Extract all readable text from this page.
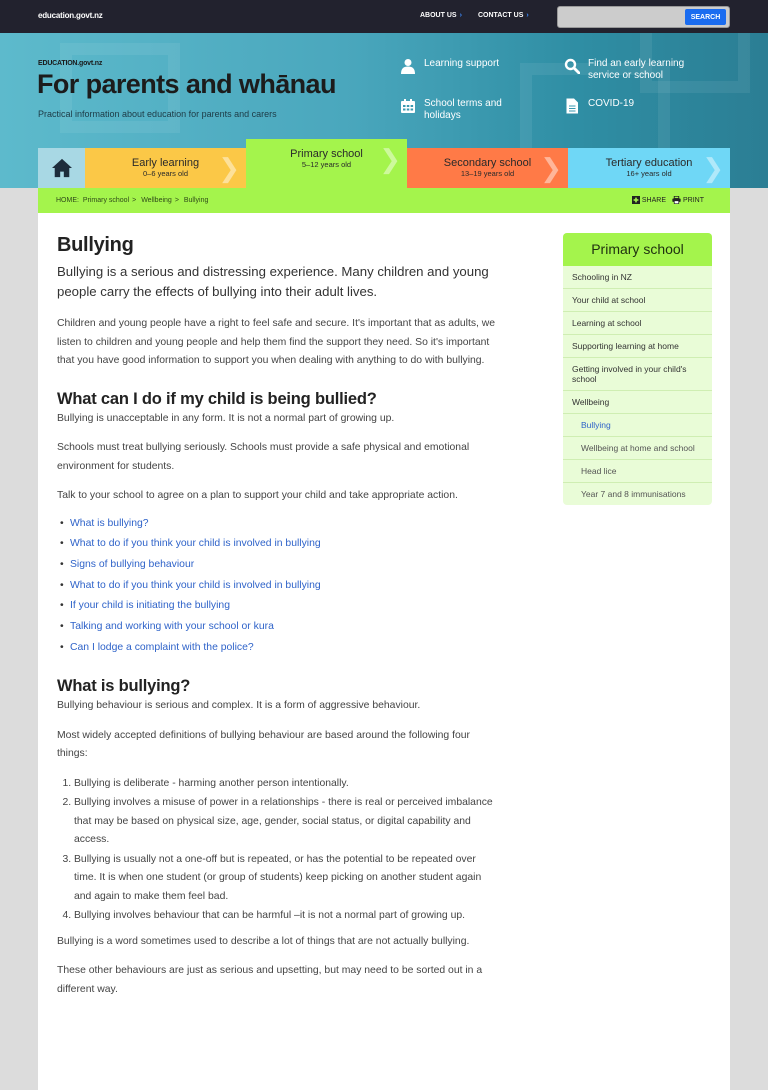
education.govt.nz	ABOUT US › CONTACT US ›	SEARCH
EDUCATION.govt.nz
For parents and whānau
Practical information about education for parents and carers
Learning support	Find an early learning service or school
School terms and holidays
COVID-19
Early learning
0–6 years old	❯	Primary school
5–12 years old	❯	Secondary school
13–19 years old	❯	Tertiary education
16+ years old	❯
HOME: Primary school > Wellbeing > Bullying	SHARE PRINT
Bullying
Bullying is a serious and distressing experience. Many children and young people carry the effects of bullying into their adult lives.

Children and young people have a right to feel safe and secure. It's important that as adults, we listen to children and young people and help them find the support they need. So it's important that you have good information to support you when dealing with anything to do with bullying.

What can I do if my child is being bullied?

Bullying is unacceptable in any form. It is not a normal part of growing up.

Schools must treat bullying seriously. Schools must provide a safe physical and emotional environment for students.

Talk to your school to agree on a plan to support your child and take appropriate action.

• What is bullying?
• What to do if you think your child is involved in bullying
• Signs of bullying behaviour
• What to do if you think your child is involved in bullying
• If your child is initiating the bullying
• Talking and working with your school or kura
• Can I lodge a complaint with the police?
What is bullying?

Bullying behaviour is serious and complex. It is a form of aggressive behaviour.

Most widely accepted definitions of bullying behaviour are based around the following four things:

1. Bullying is deliberate - harming another person intentionally.
2. Bullying involves a misuse of power in a relationships - there is real or perceived imbalance that may be based on physical size, age, gender, social status, or digital capability and access.
3. Bullying is usually not a one-off but is repeated, or has the potential to be repeated over time. It is when one student (or group of students) keep picking on another student again and again to make them feel bad.
4. Bullying involves behaviour that can be harmful –it is not a normal part of growing up.

Bullying is a word sometimes used to describe a lot of things that are not actually bullying.

These other behaviours are just as serious and upsetting, but may need to be sorted out in a different way.

Primary school
Schooling in NZ
Your child at school
Learning at school
Supporting learning at home
Getting involved in your child's school
Wellbeing
Bullying
Wellbeing at home and school
Head lice
Year 7 and 8 immunisations
